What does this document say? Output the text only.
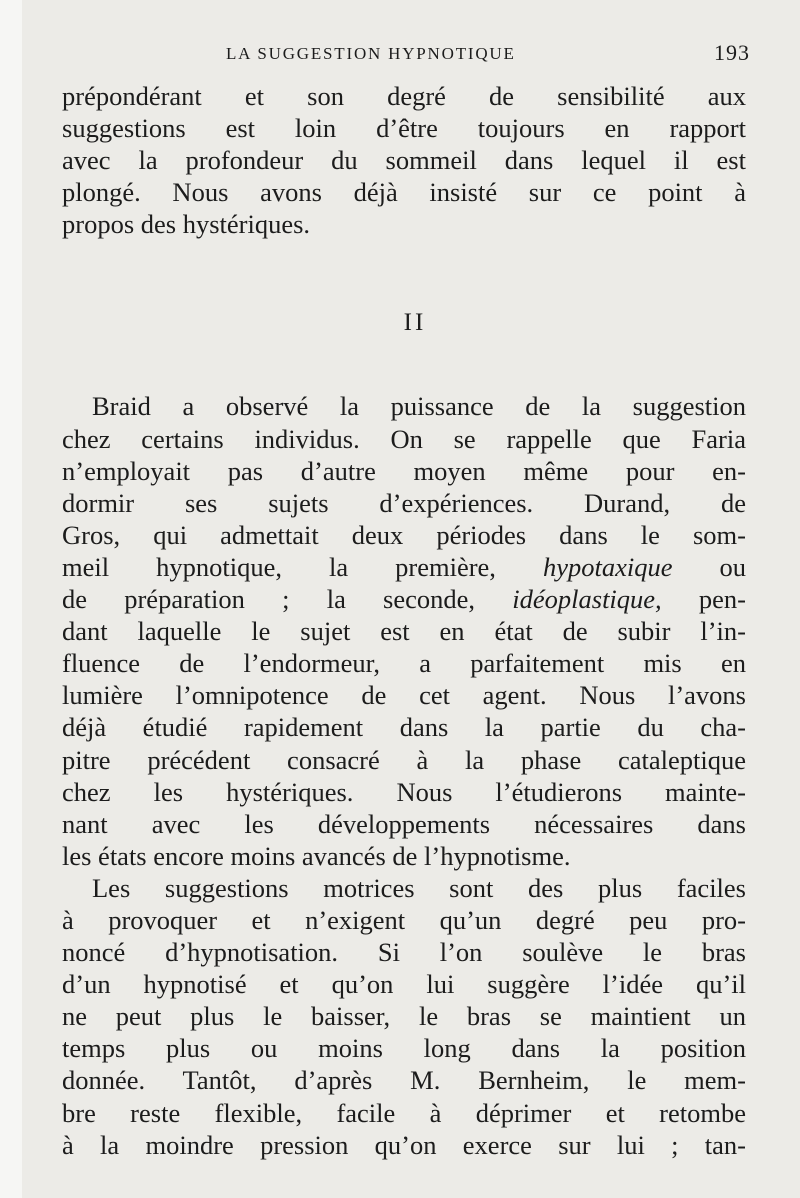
LA SUGGESTION HYPNOTIQUE	193
prépondérant et son degré de sensibilité aux
suggestions est loin d’être toujours en rapport
avec la profondeur du sommeil dans lequel il est
plongé. Nous avons déjà insisté sur ce point à
propos des hystériques.
II
Braid a observé la puissance de la suggestion
chez certains individus. On se rappelle que Faria
n’employait pas d’autre moyen même pour en-
dormir ses sujets d’expériences. Durand, de
Gros, qui admettait deux périodes dans le som-
meil hypnotique, la première, hypotaxique ou
de préparation ; la seconde, idéoplastique, pen-
dant laquelle le sujet est en état de subir l’in-
fluence de l’endormeur, a parfaitement mis en
lumière l’omnipotence de cet agent. Nous l’avons
déjà étudié rapidement dans la partie du cha-
pitre précédent consacré à la phase cataleptique
chez les hystériques. Nous l’étudierons mainte-
nant avec les développements nécessaires dans
les états encore moins avancés de l’hypnotisme.
Les suggestions motrices sont des plus faciles
à provoquer et n’exigent qu’un degré peu pro-
noncé d’hypnotisation. Si l’on soulève le bras
d’un hypnotisé et qu’on lui suggère l’idée qu’il
ne peut plus le baisser, le bras se maintient un
temps plus ou moins long dans la position
donnée. Tantôt, d’après M. Bernheim, le mem-
bre reste flexible, facile à déprimer et retombe
à la moindre pression qu’on exerce sur lui ; tan-
